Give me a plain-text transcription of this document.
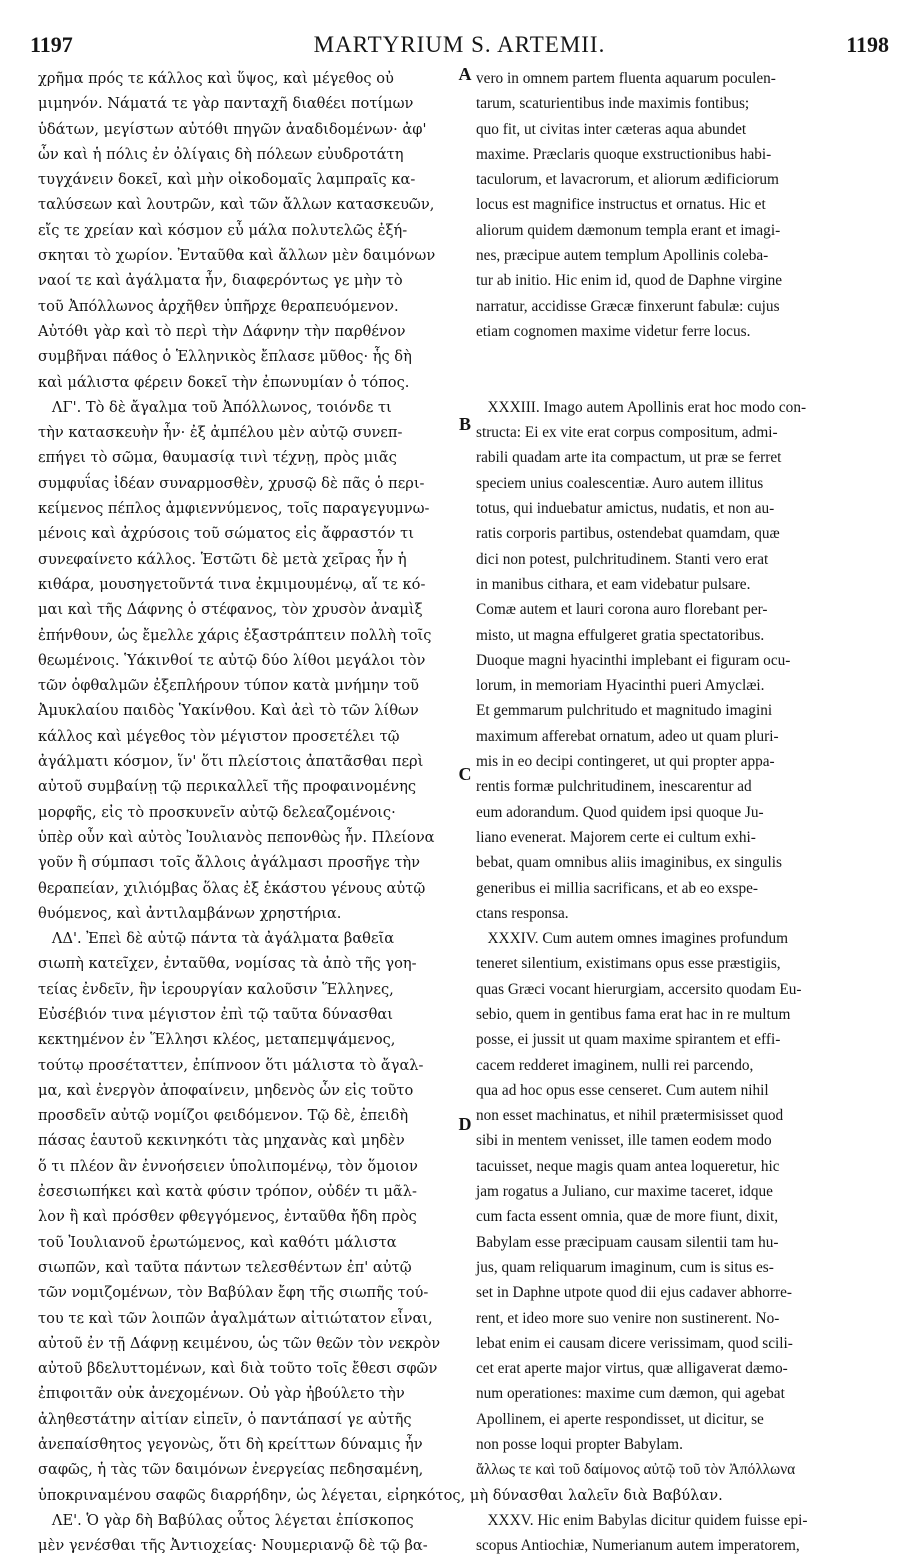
1197	MARTYRIUM S. ARTEMII.	1198
χρῆμα πρός τε κάλλος καὶ ὕψος, καὶ μέγεθος οὐ
μιμηνόν. Νάματά τε γὰρ πανταχῆ διαθέει ποτίμων
ὑδάτων, μεγίστων αὐτόθι πηγῶν ἀναδιδομένων· ἀφ'
ὧν καὶ ἡ πόλις ἐν ὀλίγαις δὴ πόλεων εὐυδροτάτη
τυγχάνειν δοκεῖ, καὶ μὴν οἰκοδομαῖς λαμπραῖς κα-
ταλύσεων καὶ λουτρῶν, καὶ τῶν ἄλλων κατασκευῶν,
εἴς τε χρείαν καὶ κόσμον εὖ μάλα πολυτελῶς ἐξή-
σκηται τὸ χωρίον. Ἐνταῦθα καὶ ἄλλων μὲν δαιμόνων
ναοί τε καὶ ἀγάλματα ἦν, διαφερόντως γε μὴν τὸ
τοῦ Ἀπόλλωνος ἀρχῆθεν ὑπῆρχε θεραπευόμενον.
Αὐτόθι γὰρ καὶ τὸ περὶ τὴν Δάφνην τὴν παρθένον
συμβῆναι πάθος ὁ Ἑλληνικὸς ἔπλασε μῦθος· ἧς δὴ
καὶ μάλιστα φέρειν δοκεῖ τὴν ἐπωνυμίαν ὁ τόπος.
ΛΓ'. Τὸ δὲ ἄγαλμα τοῦ Ἀπόλλωνος, τοιόνδε τι
τὴν κατασκευὴν ἦν· ἐξ ἀμπέλου μὲν αὐτῷ συνεπ-
επήγει τὸ σῶμα, θαυμασίᾳ τινὶ τέχνῃ, πρὸς μιᾶς
συμφυΐας ἰδέαν συναρμοσθὲν, χρυσῷ δὲ πᾶς ὁ περι-
κείμενος πέπλος ἀμφιεννύμενος, τοῖς παραγεγυμνω-
μένοις καὶ ἀχρύσοις τοῦ σώματος εἰς ἄφραστόν τι
συνεφαίνετο κάλλος. Ἑστῶτι δὲ μετὰ χεῖρας ἦν ἡ
κιθάρα, μουσηγετοῦντά τινα ἐκμιμουμένῳ, αἵ τε κό-
μαι καὶ τῆς Δάφνης ὁ στέφανος, τὸν χρυσὸν ἀναμὶξ
ἐπήνθουν, ὡς ἔμελλε χάρις ἐξαστράπτειν πολλὴ τοῖς
θεωμένοις. Ὑάκινθοί τε αὐτῷ δύο λίθοι μεγάλοι τὸν
τῶν ὀφθαλμῶν ἐξεπλήρουν τύπον κατὰ μνήμην τοῦ
Ἀμυκλαίου παιδὸς Ὑακίνθου. Καὶ ἀεὶ τὸ τῶν λίθων
κάλλος καὶ μέγεθος τὸν μέγιστον προσετέλει τῷ
ἀγάλματι κόσμον, ἵν' ὅτι πλείστοις ἀπατᾶσθαι περὶ
αὐτοῦ συμβαίνῃ τῷ περικαλλεῖ τῆς προφαινομένης
μορφῆς, εἰς τὸ προσκυνεῖν αὐτῷ δελεαζομένοις·
ὑπὲρ οὖν καὶ αὐτὸς Ἰουλιανὸς πεπονθὼς ἦν. Πλείονα
γοῦν ἢ σύμπασι τοῖς ἄλλοις ἀγάλμασι προσῆγε τὴν
θεραπείαν, χιλιόμβας ὅλας ἐξ ἑκάστου γένους αὐτῷ
θυόμενος, καὶ ἀντιλαμβάνων χρηστήρια.
ΛΔ'. Ἐπεὶ δὲ αὐτῷ πάντα τὰ ἀγάλματα βαθεῖα
σιωπὴ κατεῖχεν, ἐνταῦθα, νομίσας τὰ ἀπὸ τῆς γοη-
τείας ἐνδεῖν, ἣν ἱερουργίαν καλοῦσιν Ἕλληνες,
Εὐσέβιόν τινα μέγιστον ἐπὶ τῷ ταῦτα δύνασθαι
κεκτημένον ἐν Ἕλλησι κλέος, μεταπεμψάμενος,
τούτῳ προσέταττεν, ἐπίπνοον ὅτι μάλιστα τὸ ἄγαλ-
μα, καὶ ἐνεργὸν ἀποφαίνειν, μηδενὸς ὧν εἰς τοῦτο
προσδεῖν αὐτῷ νομίζοι φειδόμενον. Τῷ δὲ, ἐπειδὴ
πάσας ἑαυτοῦ κεκινηκότι τὰς μηχανὰς καὶ μηδὲν
ὅ τι πλέον ἂν ἐννοήσειεν ὑπολιπομένῳ, τὸν ὅμοιον
ἐσεσιωπήκει καὶ κατὰ φύσιν τρόπον, οὐδέν τι μᾶλ-
λον ἢ καὶ πρόσθεν φθεγγόμενος, ἐνταῦθα ἤδη πρὸς
τοῦ Ἰουλιανοῦ ἐρωτώμενος, καὶ καθότι μάλιστα
σιωπῶν, καὶ ταῦτα πάντων τελεσθέντων ἐπ' αὐτῷ
τῶν νομιζομένων, τὸν Βαβύλαν ἔφη τῆς σιωπῆς τού-
του τε καὶ τῶν λοιπῶν ἀγαλμάτων αἰτιώτατον εἶναι,
αὐτοῦ ἐν τῇ Δάφνῃ κειμένου, ὡς τῶν θεῶν τὸν νεκρὸν
αὐτοῦ βδελυττομένων, καὶ διὰ τοῦτο τοῖς ἔθεσι σφῶν
ἐπιφοιτᾶν οὐκ ἀνεχομένων. Οὐ γὰρ ἠβούλετο τὴν
ἀληθεστάτην αἰτίαν εἰπεῖν, ὁ παντάπασί γε αὐτῆς
ἀνεπαίσθητος γεγονὼς, ὅτι δὴ κρείττων δύναμις ἦν
σαφῶς, ἡ τὰς τῶν δαιμόνων ἐνεργείας πεδησαμένη,
ὑποκριναμένου σαφῶς διαρρήδην, ὡς λέγεται, εἰρηκότος, μὴ δύνασθαι λαλεῖν διὰ Βαβύλαν.
ΛΕ'. Ὁ γὰρ δὴ Βαβύλας οὗτος λέγεται ἐπίσκοπος
μὲν γενέσθαι τῆς Ἀντιοχείας· Νουμεριανῷ δὲ τῷ βα-
A
B
C
D
vero in omnem partem fluenta aquarum poculen-
tarum, scaturientibus inde maximis fontibus;
quo fit, ut civitas inter cæteras aqua abundet
maxime. Præclaris quoque exstructionibus habi-
taculorum, et lavacrorum, et aliorum ædificiorum
locus est magnifice instructus et ornatus. Hic et
aliorum quidem dæmonum templa erant et imagi-
nes, præcipue autem templum Apollinis colebа-
tur ab initio. Hic enim id, quod de Daphne virgine
narratur, accidisse Græcæ finxerunt fabulæ: cujus
etiam cognomen maxime videtur ferre locus.

XXXIII. Imago autem Apollinis erat hoc modo con-
structa: Ei ex vite erat corpus compositum, admi-
rabili quadam arte ita compactum, ut præ se ferret
speciem unius coalescentiæ. Auro autem illitus
totus, qui induebatur amictus, nudatis, et non au-
ratis corporis partibus, ostendebat quamdam, quæ
dici non potest, pulchritudinem. Stanti vero erat
in manibus cithara, et eam videbatur pulsare.
Comæ autem et lauri corona auro florebant per-
misto, ut magna effulgeret gratia spectatoribus.
Duoque magni hyacinthi implebant ei figuram ocu-
lorum, in memoriam Hyacinthi pueri Amyclæi.
Et gemmarum pulchritudo et magnitudo imagini
maximum afferebat ornatum, adeo ut quam pluri-
mis in eo decipi contingeret, ut qui propter appa-
rentis formæ pulchritudinem, inescarentur ad
eum adorandum. Quod quidem ipsi quoque Ju-
liano evenerat. Majorem certe ei cultum exhi-
bebat, quam omnibus aliis imaginibus, ex singulis
generibus ei millia sacrificans, et ab eo exspe-
ctans responsa.
XXXIV. Cum autem omnes imagines profundum
teneret silentium, existimans opus esse præstigiis,
quas Græci vocant hierurgiam, accersito quodam Eu-
sebio, quem in gentibus fama erat hac in re multum
posse, ei jussit ut quam maxime spirantem et effi-
cacem redderet imaginem, nulli rei parcendo,
qua ad hoc opus esse censeret. Cum autem nihil
non esset machinatus, et nihil prætermisisset quod
sibi in mentem venisset, ille tamen eodem modo
tacuisset, neque magis quam antea loqueretur, hic
jam rogatus a Juliano, cur maxime taceret, idque
cum facta essent omnia, quæ de more fiunt, dixit,
Babylam esse præcipuam causam silentii tam hu-
jus, quam reliquarum imaginum, cum is situs es-
set in Daphne utpote quod dii ejus cadaver abhorre-
rent, et ideo more suo venire non sustinerent. No-
lebat enim ei causam dicere verissimam, quod scili-
cet erat aperte major virtus, quæ alligaverat dæmo-
num operationes: maxime cum dæmon, qui agebat
Apollinem, ei aperte respondisset, ut dicitur, se
non posse loqui propter Babylam.
ἄλλως τε καὶ τοῦ δαίμονος αὐτῷ τοῦ τὸν Ἀπόλλωνα

XXXV. Hic enim Babylas dicitur quidem fuisse epi-
scopus Antiochiæ, Numerianum autem imperatorem,
